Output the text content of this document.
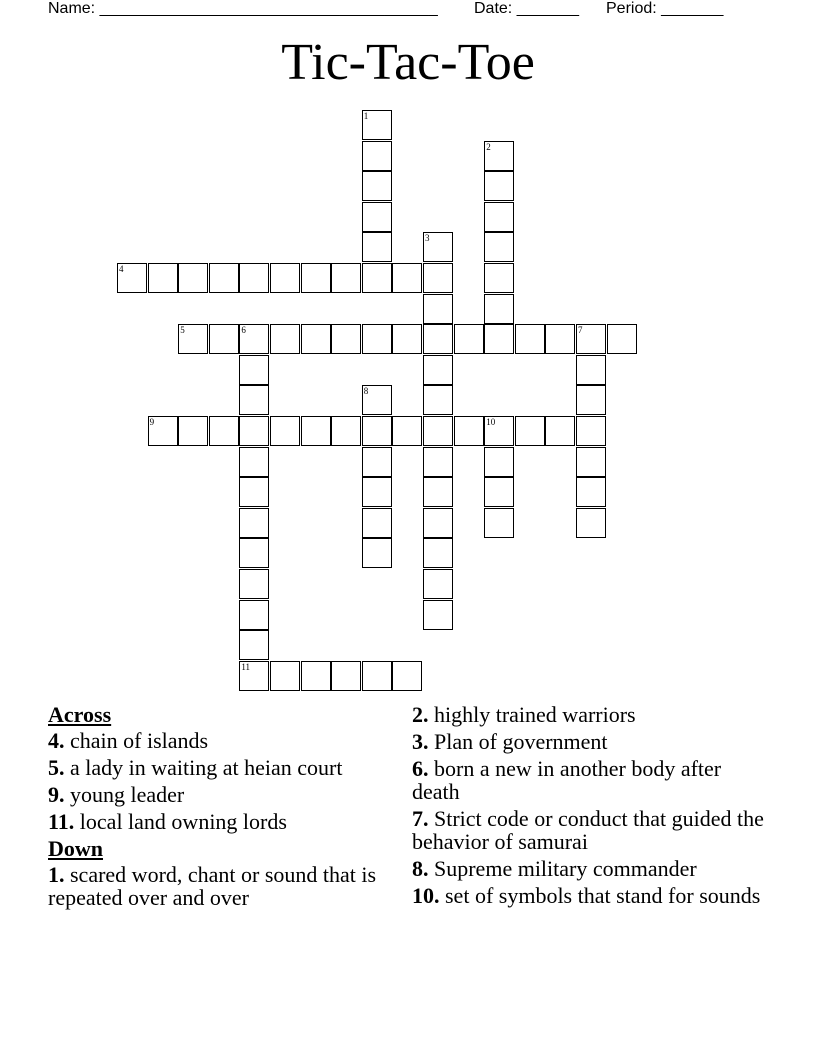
Name: ______________________________________ Date: _______ Period: _______
Tic-Tac-Toe
1
2
3
4
5	6	7
11
8
9	10
Across
4. chain of islands
5. a lady in waiting at heian court
9. young leader
11. local land owning lords
Down
1. scared word, chant or sound that is repeated over and over
2. highly trained warriors
3. Plan of government
6. born a new in another body after death
7. Strict code or conduct that guided the behavior of samurai
8. Supreme military commander
10. set of symbols that stand for sounds
